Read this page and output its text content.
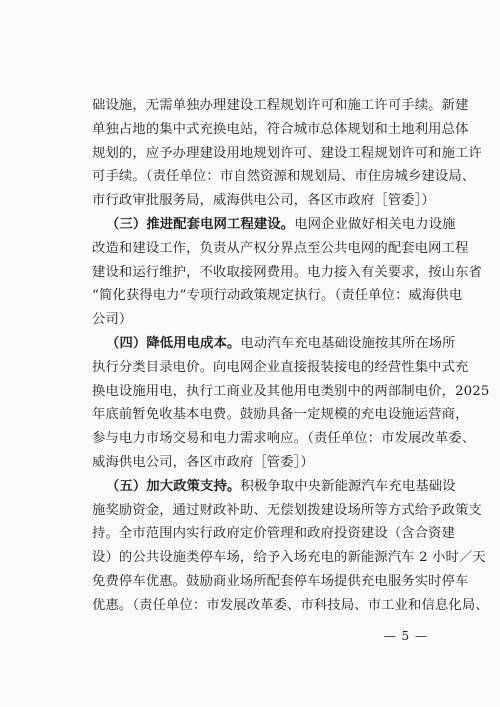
础设施，无需单独办理建设工程规划许可和施工许可手续。新建
单独占地的集中式充换电站，符合城市总体规划和土地利用总体
规划的，应予办理建设用地规划许可、建设工程规划许可和施工许
可手续。（责任单位：市自然资源和规划局、市住房城乡建设局、
市行政审批服务局，威海供电公司，各区市政府［管委］）
（三）推进配套电网工程建设。电网企业做好相关电力设施
改造和建设工作，负责从产权分界点至公共电网的配套电网工程
建设和运行维护，不收取接网费用。电力接入有关要求，按山东省
“简化获得电力”专项行动政策规定执行。（责任单位：威海供电
公司）
（四）降低用电成本。电动汽车充电基础设施按其所在场所
执行分类目录电价。向电网企业直接报装接电的经营性集中式充
换电设施用电，执行工商业及其他用电类别中的两部制电价，2025
年底前暂免收基本电费。鼓励具备一定规模的充电设施运营商，
参与电力市场交易和电力需求响应。（责任单位：市发展改革委、
威海供电公司，各区市政府［管委］）
（五）加大政策支持。积极争取中央新能源汽车充电基础设
施奖励资金，通过财政补助、无偿划拨建设场所等方式给予政策支
持。全市范围内实行政府定价管理和政府投资建设（含合资建
设）的公共设施类停车场，给予入场充电的新能源汽车 2 小时／天
免费停车优惠。鼓励商业场所配套停车场提供充电服务实时停车
优惠。（责任单位：市发展改革委、市科技局、市工业和信息化局、
— 5 —
